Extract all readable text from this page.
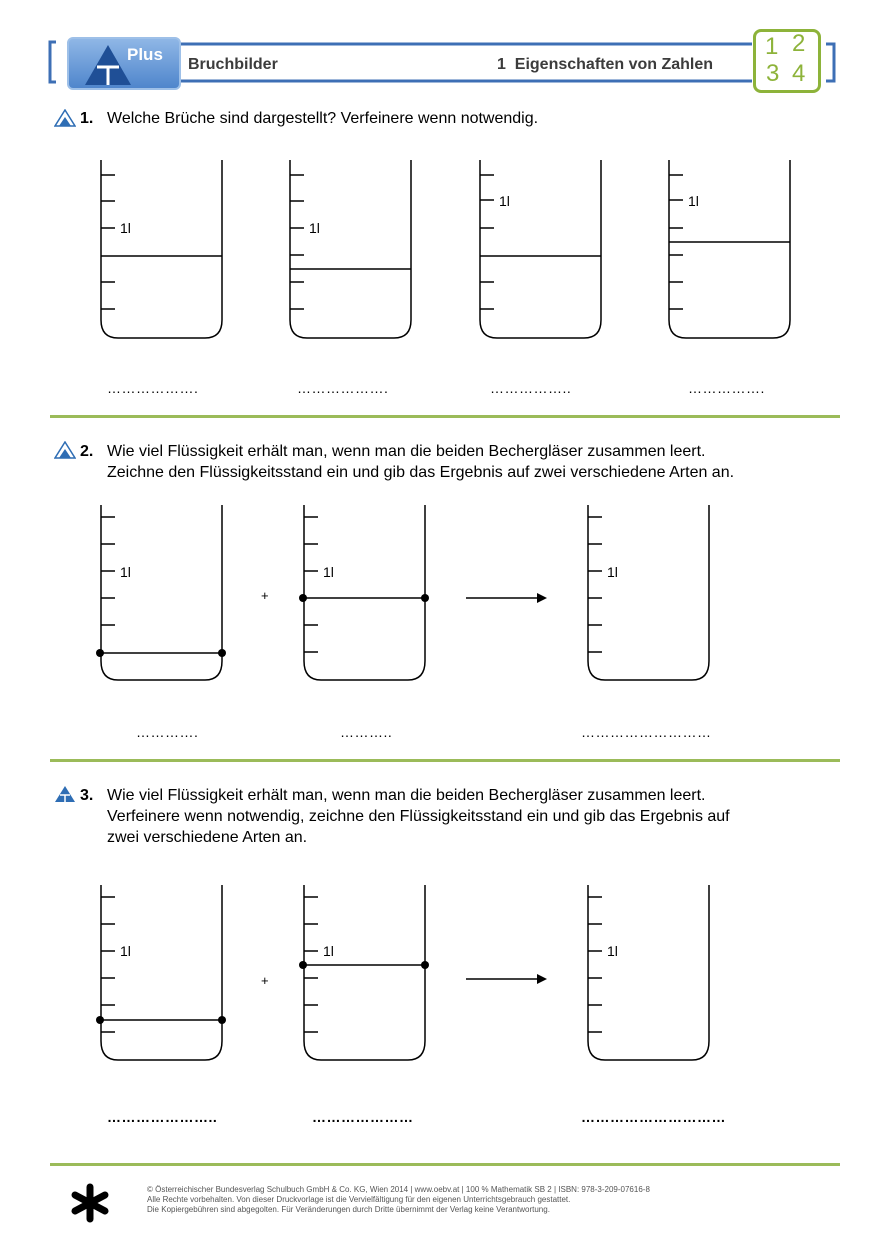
Plus
Bruchbilder	1  Eigenschaften von Zahlen
1 2
3 4
1. Welche Brüche sind dargestellt? Verfeinere wenn notwendig.
1l	1l
1l	1l
……………….	……………….	……………..	…………….
2. Wie viel Flüssigkeit erhält man, wenn man die beiden Bechergläser zusammen leert.
Zeichne den Flüssigkeitsstand ein und gib das Ergebnis auf zwei verschiedene Arten an.
1l	1l	1l
+
………….	………..	………………………
3. Wie viel Flüssigkeit erhält man, wenn man die beiden Bechergläser zusammen leert.
Verfeinere wenn notwendig, zeichne den Flüssigkeitsstand ein und gib das Ergebnis auf
zwei verschiedene Arten an.
1l	1l	1l
+
…………………..	…………………	…………………………
© Österreichischer Bundesverlag Schulbuch GmbH & Co. KG, Wien 2014 | www.oebv.at | 100 % Mathematik SB 2 | ISBN: 978-3-209-07616-8
Alle Rechte vorbehalten. Von dieser Druckvorlage ist die Vervielfältigung für den eigenen Unterrichtsgebrauch gestattet.
Die Kopiergebühren sind abgegolten. Für Veränderungen durch Dritte übernimmt der Verlag keine Verantwortung.
